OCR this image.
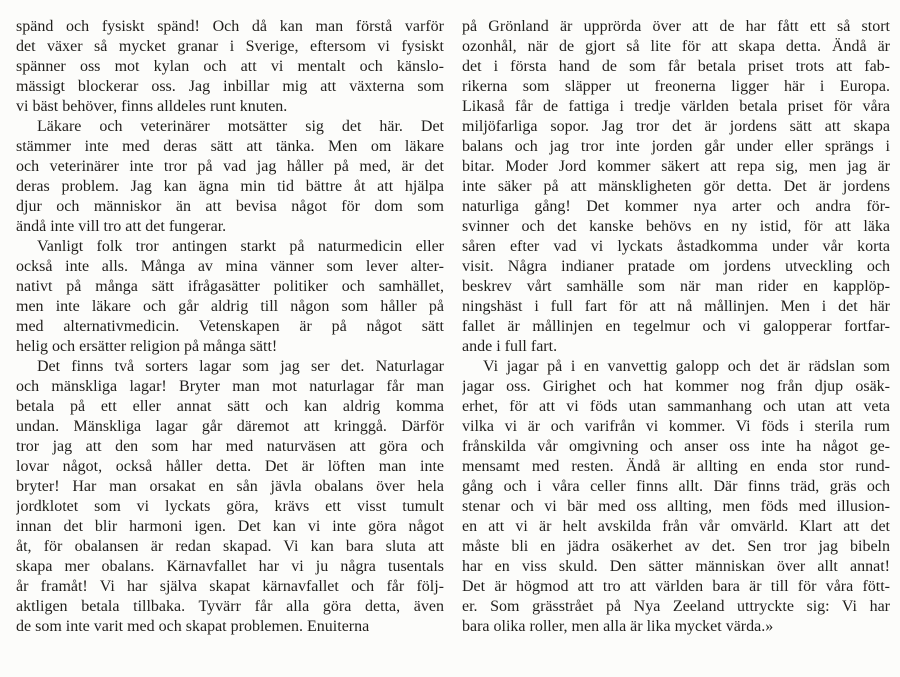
spänd och fysiskt spänd! Och då kan man förstå varför
det växer så mycket granar i Sverige, eftersom vi fysiskt
spänner oss mot kylan och att vi mentalt och känslo-
mässigt blockerar oss. Jag inbillar mig att växterna som
vi bäst behöver, finns alldeles runt knuten.
Läkare och veterinärer motsätter sig det här. Det
stämmer inte med deras sätt att tänka. Men om läkare
och veterinärer inte tror på vad jag håller på med, är det
deras problem. Jag kan ägna min tid bättre åt att hjälpa
djur och människor än att bevisa något för dom som
ändå inte vill tro att det fungerar.
Vanligt folk tror antingen starkt på naturmedicin eller
också inte alls. Många av mina vänner som lever alter-
nativt på många sätt ifrågasätter politiker och samhället,
men inte läkare och går aldrig till någon som håller på
med alternativmedicin. Vetenskapen är på något sätt
helig och ersätter religion på många sätt!
Det finns två sorters lagar som jag ser det. Naturlagar
och mänskliga lagar! Bryter man mot naturlagar får man
betala på ett eller annat sätt och kan aldrig komma
undan. Mänskliga lagar går däremot att kringgå. Därför
tror jag att den som har med naturväsen att göra och
lovar något, också håller detta. Det är löften man inte
bryter! Har man orsakat en sån jävla obalans över hela
jordklotet som vi lyckats göra, krävs ett visst tumult
innan det blir harmoni igen. Det kan vi inte göra något
åt, för obalansen är redan skapad. Vi kan bara sluta att
skapa mer obalans. Kärnavfallet har vi ju några tusentals
år framåt! Vi har själva skapat kärnavfallet och får följ-
aktligen betala tillbaka. Tyvärr får alla göra detta, även
de som inte varit med och skapat problemen. Enuiterna
på Grönland är upprörda över att de har fått ett så stort
ozonhål, när de gjort så lite för att skapa detta. Ändå är
det i första hand de som får betala priset trots att fab-
rikerna som släpper ut freonerna ligger här i Europa.
Likaså får de fattiga i tredje världen betala priset för våra
miljöfarliga sopor. Jag tror det är jordens sätt att skapa
balans och jag tror inte jorden går under eller sprängs i
bitar. Moder Jord kommer säkert att repa sig, men jag är
inte säker på att mänskligheten gör detta. Det är jordens
naturliga gång! Det kommer nya arter och andra för-
svinner och det kanske behövs en ny istid, för att läka
såren efter vad vi lyckats åstadkomma under vår korta
visit. Några indianer pratade om jordens utveckling och
beskrev vårt samhälle som när man rider en kapplöp-
ningshäst i full fart för att nå mållinjen. Men i det här
fallet är mållinjen en tegelmur och vi galopperar fortfar-
ande i full fart.
Vi jagar på i en vanvettig galopp och det är rädslan som
jagar oss. Girighet och hat kommer nog från djup osäk-
erhet, för att vi föds utan sammanhang och utan att veta
vilka vi är och varifrån vi kommer. Vi föds i sterila rum
frånskilda vår omgivning och anser oss inte ha något ge-
mensamt med resten. Ändå är allting en enda stor rund-
gång och i våra celler finns allt. Där finns träd, gräs och
stenar och vi bär med oss allting, men föds med illusion-
en att vi är helt avskilda från vår omvärld. Klart att det
måste bli en jädra osäkerhet av det. Sen tror jag bibeln
har en viss skuld. Den sätter människan över allt annat!
Det är högmod att tro att världen bara är till för våra fött-
er. Som grässtrået på Nya Zeeland uttryckte sig: Vi har
bara olika roller, men alla är lika mycket värda.»
